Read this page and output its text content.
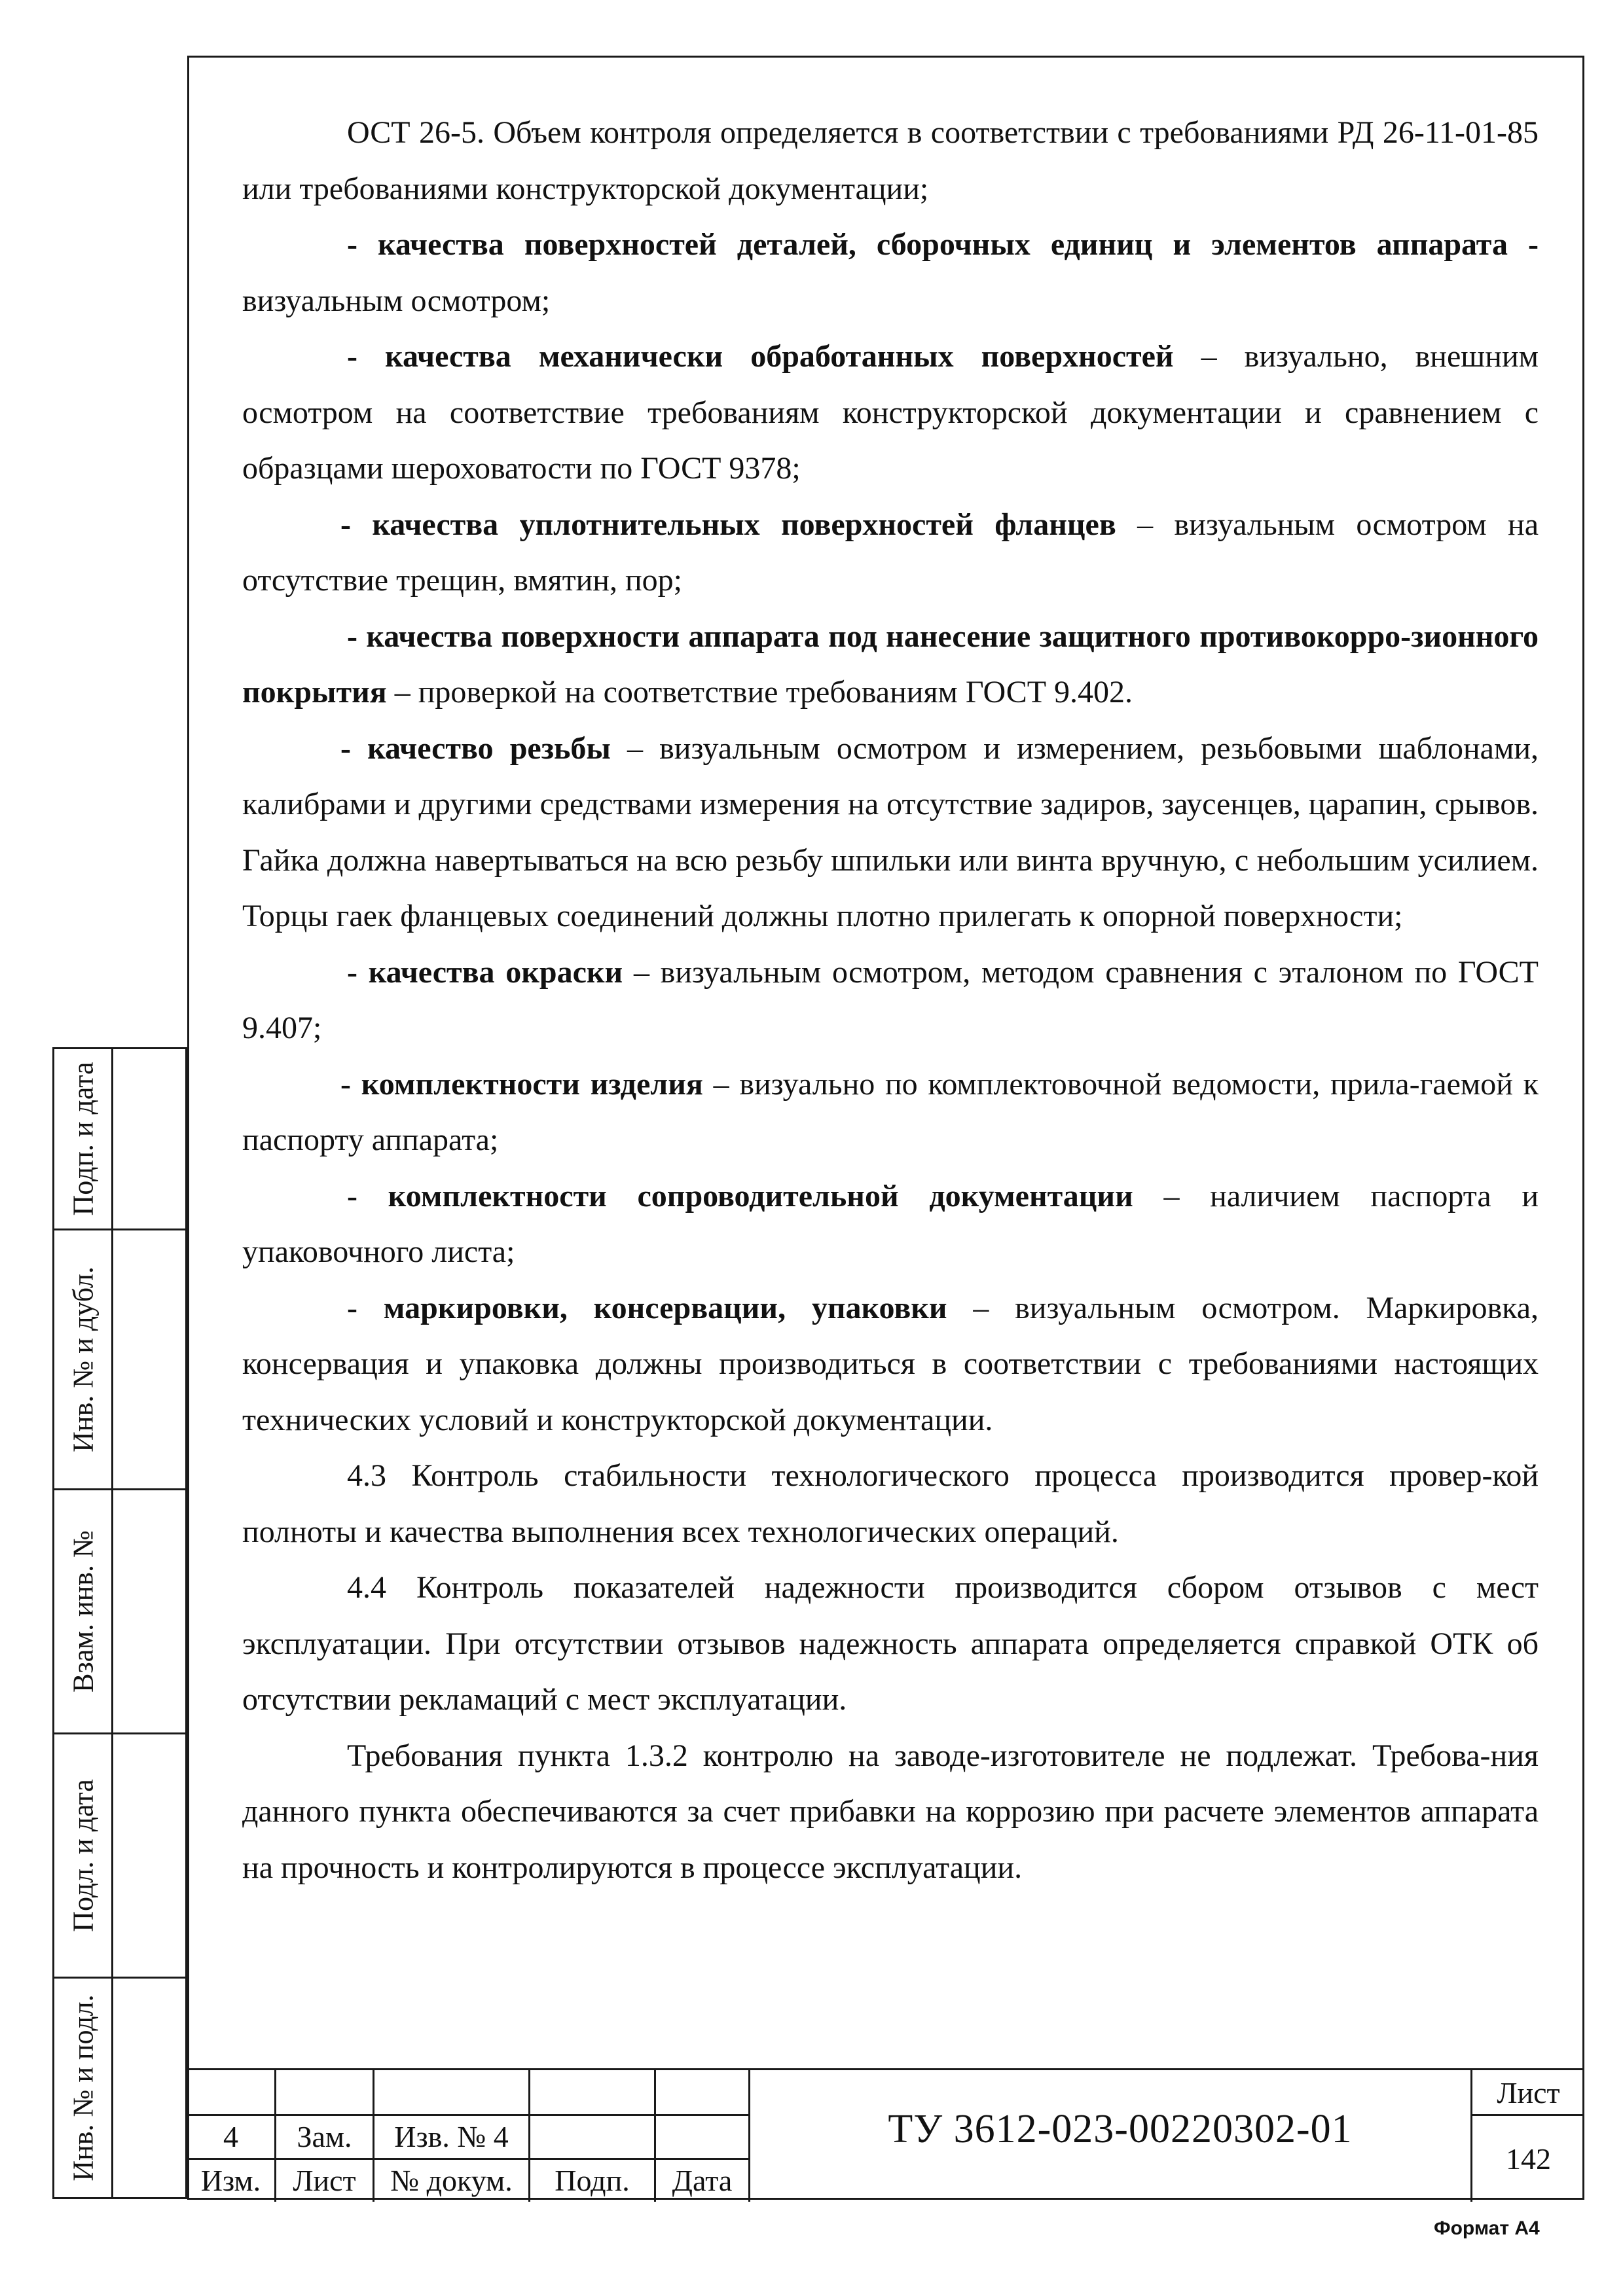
ОСТ 26-5. Объем контроля определяется в соответствии с требованиями РД 26-11-01-85 или требованиями конструкторской документации;

- качества поверхностей деталей, сборочных единиц и элементов аппарата - визуальным осмотром;

- качества механически обработанных поверхностей – визуально, внешним осмотром на соответствие требованиям конструкторской документации и сравнением с образцами шероховатости по ГОСТ 9378;

- качества уплотнительных поверхностей фланцев – визуальным осмотром на отсутствие трещин, вмятин, пор;

- качества поверхности аппарата под нанесение защитного противокорро-зионного покрытия – проверкой на соответствие требованиям ГОСТ 9.402.

- качество резьбы – визуальным осмотром и измерением, резьбовыми шаблонами, калибрами и другими средствами измерения на отсутствие задиров, заусенцев, царапин, срывов. Гайка должна навертываться на всю резьбу шпильки или винта вручную, с небольшим усилием. Торцы гаек фланцевых соединений должны плотно прилегать к опорной поверхности;

- качества окраски – визуальным осмотром, методом сравнения с эталоном по ГОСТ 9.407;

- комплектности изделия – визуально по комплектовочной ведомости, прила-гаемой к паспорту аппарата;

- комплектности сопроводительной документации – наличием паспорта и упаковочного листа;

- маркировки, консервации, упаковки – визуальным осмотром. Маркировка, консервация и упаковка должны производиться в соответствии с требованиями настоящих технических условий и конструкторской документации.

4.3 Контроль стабильности технологического процесса производится провер-кой полноты и качества выполнения всех технологических операций.

4.4 Контроль показателей надежности производится сбором отзывов с мест эксплуатации. При отсутствии отзывов надежность аппарата определяется справкой ОТК об отсутствии рекламаций с мест эксплуатации.

Требования пункта 1.3.2 контролю на заводе-изготовителе не подлежат. Требова-ния данного пункта обеспечиваются за счет прибавки на коррозию при расчете элементов аппарата на прочность и контролируются в процессе эксплуатации.

Подп. и дата
Инв. № и дубл.
Взам. инв. №
Подл. и дата
Инв. № и подл.	4	Зам.	Изв. № 4
Изм.	Лист	№ докум.	Подп.	Дата
ТУ 3612-023-00220302-01
Лист
142
Формат А4
